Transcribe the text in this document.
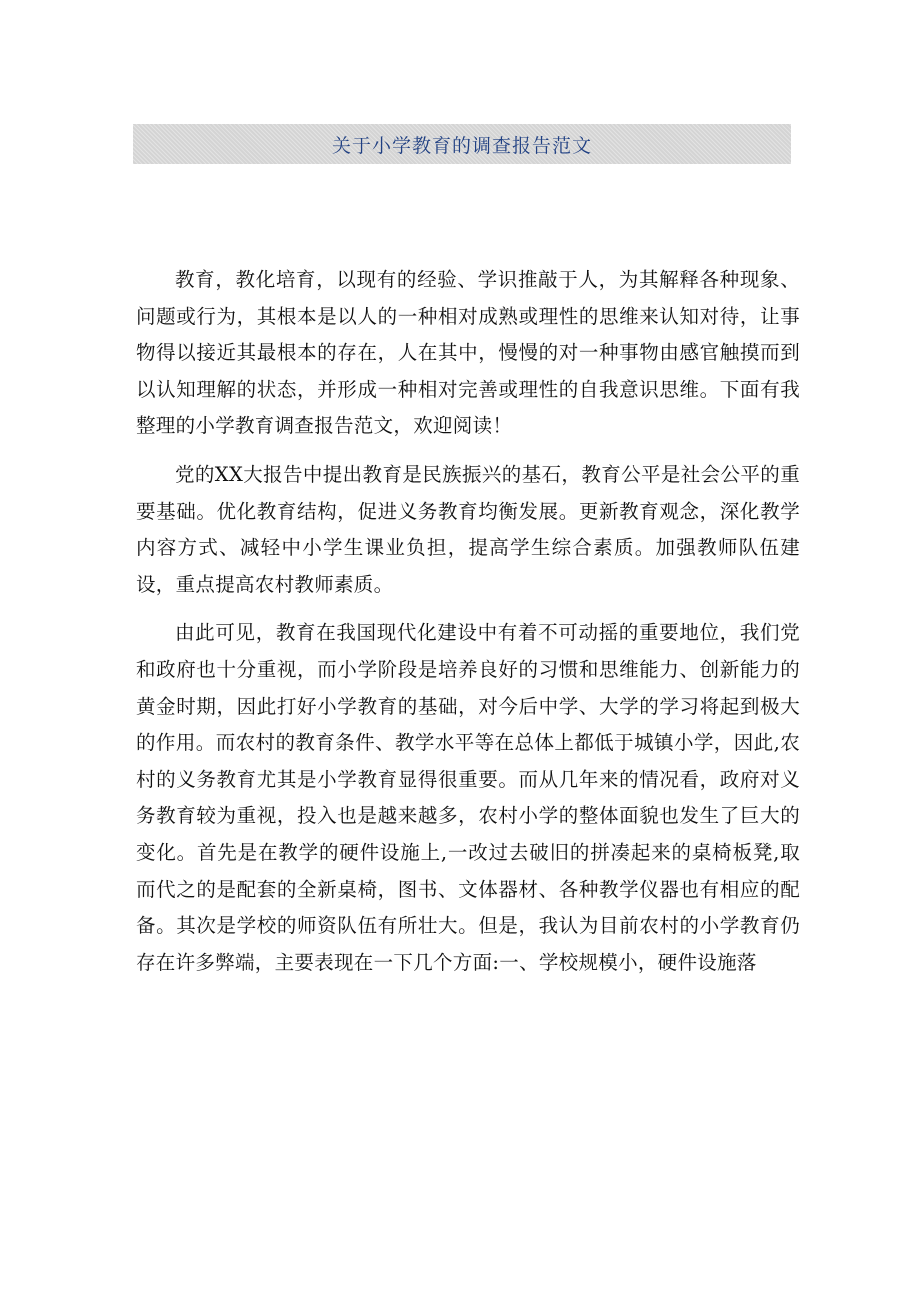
关于小学教育的调查报告范文

教育，教化培育，以现有的经验、学识推敲于人，为其解释各种现象、问题或行为，其根本是以人的一种相对成熟或理性的思维来认知对待，让事物得以接近其最根本的存在，人在其中，慢慢的对一种事物由感官触摸而到以认知理解的状态，并形成一种相对完善或理性的自我意识思维。下面有我整理的小学教育调查报告范文，欢迎阅读！

党的XX大报告中提出教育是民族振兴的基石，教育公平是社会公平的重要基础。优化教育结构，促进义务教育均衡发展。更新教育观念，深化教学内容方式、减轻中小学生课业负担，提高学生综合素质。加强教师队伍建设，重点提高农村教师素质。

由此可见，教育在我国现代化建设中有着不可动摇的重要地位，我们党和政府也十分重视，而小学阶段是培养良好的习惯和思维能力、创新能力的黄金时期，因此打好小学教育的基础，对今后中学、大学的学习将起到极大的作用。而农村的教育条件、教学水平等在总体上都低于城镇小学，因此,农村的义务教育尤其是小学教育显得很重要。而从几年来的情况看，政府对义务教育较为重视，投入也是越来越多，农村小学的整体面貌也发生了巨大的变化。首先是在教学的硬件设施上,一改过去破旧的拼凑起来的桌椅板凳,取而代之的是配套的全新桌椅，图书、文体器材、各种教学仪器也有相应的配备。其次是学校的师资队伍有所壮大。但是，我认为目前农村的小学教育仍存在许多弊端，主要表现在一下几个方面:一、学校规模小，硬件设施落
